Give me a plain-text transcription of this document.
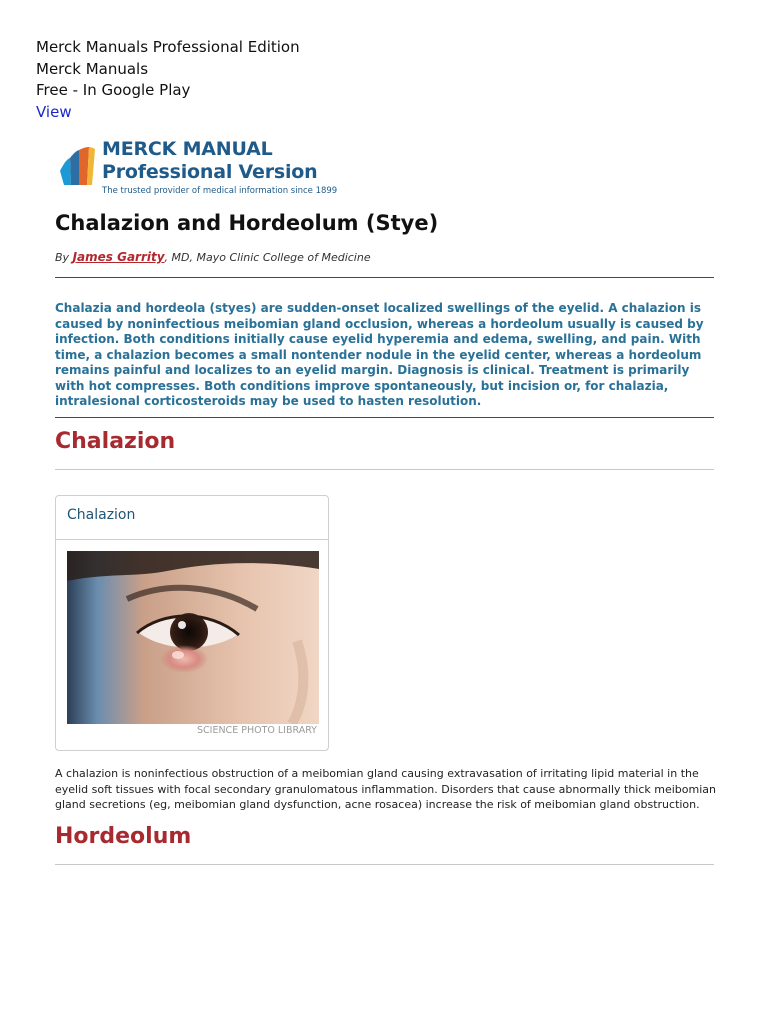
Merck Manuals Professional Edition
Merck Manuals
Free - In Google Play
View
MERCK MANUAL
Professional Version
The trusted provider of medical information since 1899
Chalazion and Hordeolum (Stye)
By James Garrity, MD, Mayo Clinic College of Medicine

Chalazia and hordeola (styes) are sudden-onset localized swellings of the eyelid. A chalazion is caused by noninfectious meibomian gland occlusion, whereas a hordeolum usually is caused by infection. Both conditions initially cause eyelid hyperemia and edema, swelling, and pain. With time, a chalazion becomes a small nontender nodule in the eyelid center, whereas a hordeolum remains painful and localizes to an eyelid margin. Diagnosis is clinical. Treatment is primarily with hot compresses. Both conditions improve spontaneously, but incision or, for chalazia, intralesional corticosteroids may be used to hasten resolution.

Chalazion
Chalazion
SCIENCE PHOTO LIBRARY

A chalazion is noninfectious obstruction of a meibomian gland causing extravasation of irritating lipid material in the eyelid soft tissues with focal secondary granulomatous inflammation. Disorders that cause abnormally thick meibomian gland secretions (eg, meibomian gland dysfunction, acne rosacea) increase the risk of meibomian gland obstruction.

Hordeolum
